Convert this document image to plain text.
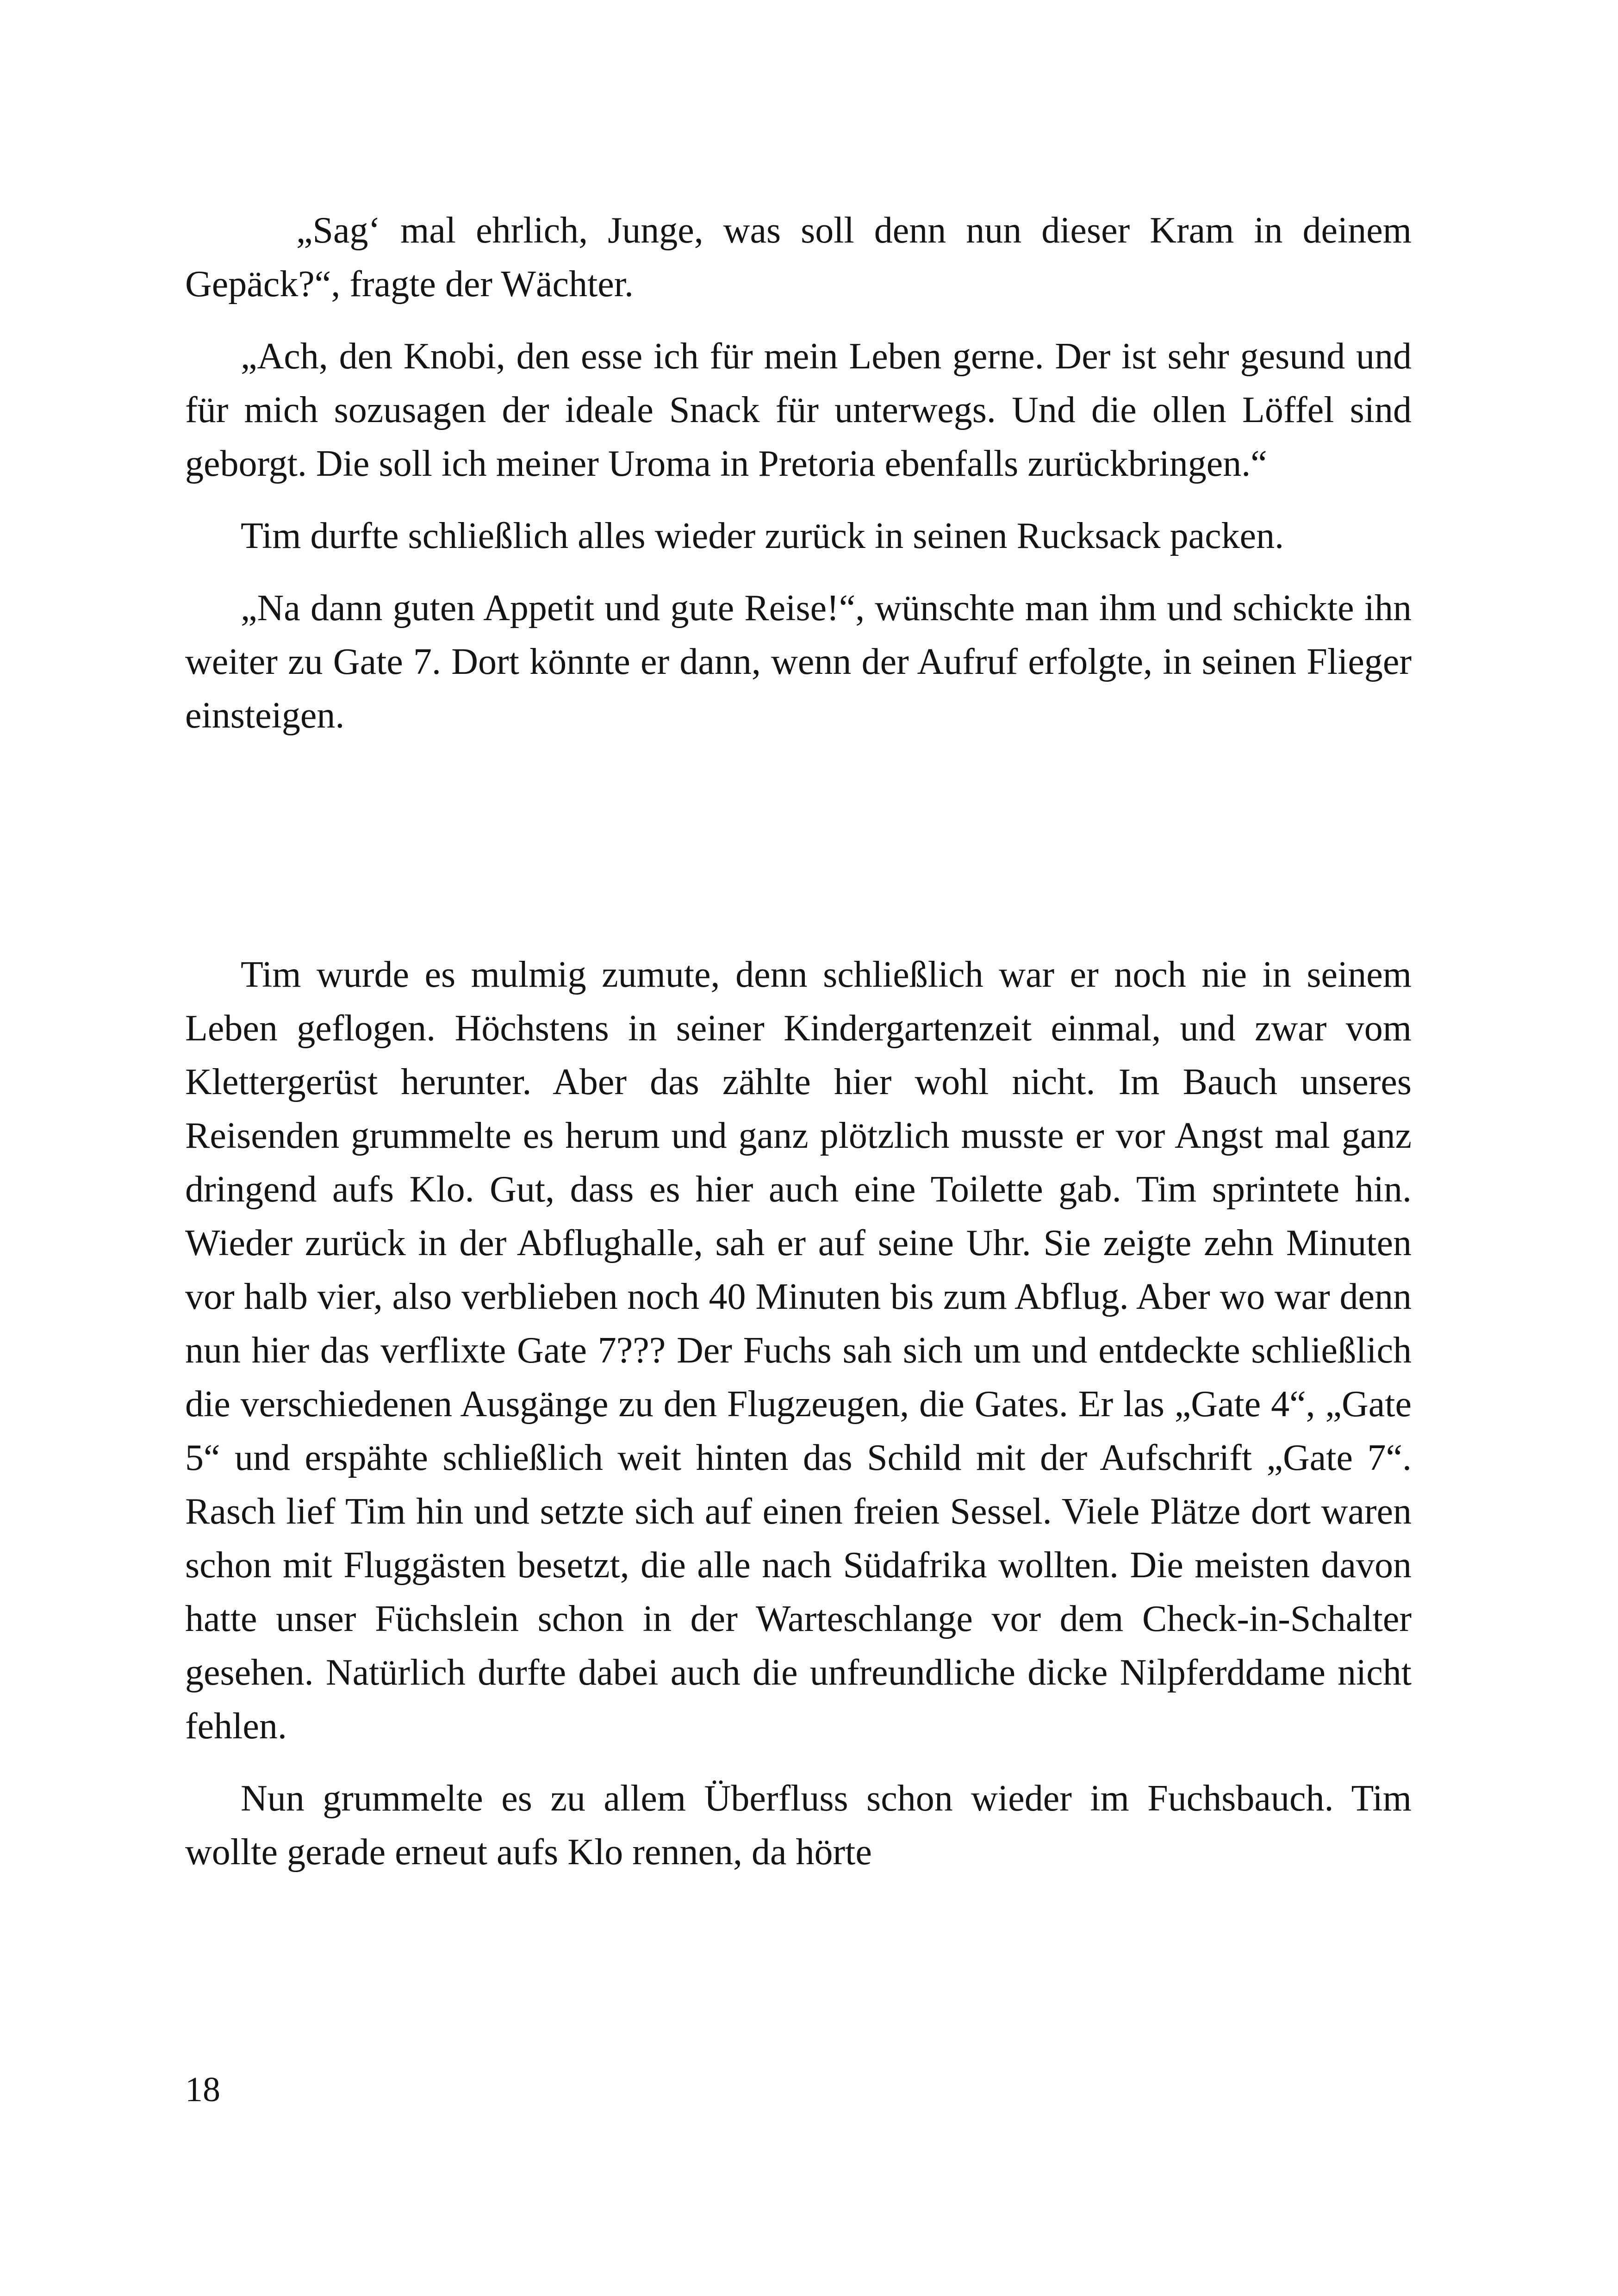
„Sag‘ mal ehrlich, Junge, was soll denn nun dieser Kram in deinem Gepäck?“, fragte der Wächter.

„Ach, den Knobi, den esse ich für mein Leben gerne. Der ist sehr gesund und für mich sozusagen der ideale Snack für unterwegs. Und die ollen Löffel sind geborgt. Die soll ich meiner Uroma in Pretoria ebenfalls zurückbringen.“

Tim durfte schließlich alles wieder zurück in seinen Rucksack packen.

„Na dann guten Appetit und gute Reise!“, wünschte man ihm und schickte ihn weiter zu Gate 7. Dort könnte er dann, wenn der Aufruf erfolgte, in seinen Flieger einsteigen.

Tim wurde es mulmig zumute, denn schließlich war er noch nie in seinem Leben geflogen. Höchstens in seiner Kindergartenzeit einmal, und zwar vom Klettergerüst herunter. Aber das zählte hier wohl nicht. Im Bauch unseres Reisenden grummelte es herum und ganz plötzlich musste er vor Angst mal ganz dringend aufs Klo. Gut, dass es hier auch eine Toilette gab. Tim sprintete hin. Wieder zurück in der Abflughalle, sah er auf seine Uhr. Sie zeigte zehn Minuten vor halb vier, also verblieben noch 40 Minuten bis zum Abflug. Aber wo war denn nun hier das verflixte Gate 7??? Der Fuchs sah sich um und entdeckte schließlich die verschiedenen Ausgänge zu den Flugzeugen, die Gates. Er las „Gate 4“, „Gate 5“ und erspähte schließlich weit hinten das Schild mit der Aufschrift „Gate 7“. Rasch lief Tim hin und setzte sich auf einen freien Sessel. Viele Plätze dort waren schon mit Fluggästen besetzt, die alle nach Südafrika wollten. Die meisten davon hatte unser Füchslein schon in der Warteschlange vor dem Check-in-Schalter gesehen. Natürlich durfte dabei auch die unfreundliche dicke Nilpferddame nicht fehlen.

Nun grummelte es zu allem Überfluss schon wieder im Fuchsbauch. Tim wollte gerade erneut aufs Klo rennen, da hörte

18
